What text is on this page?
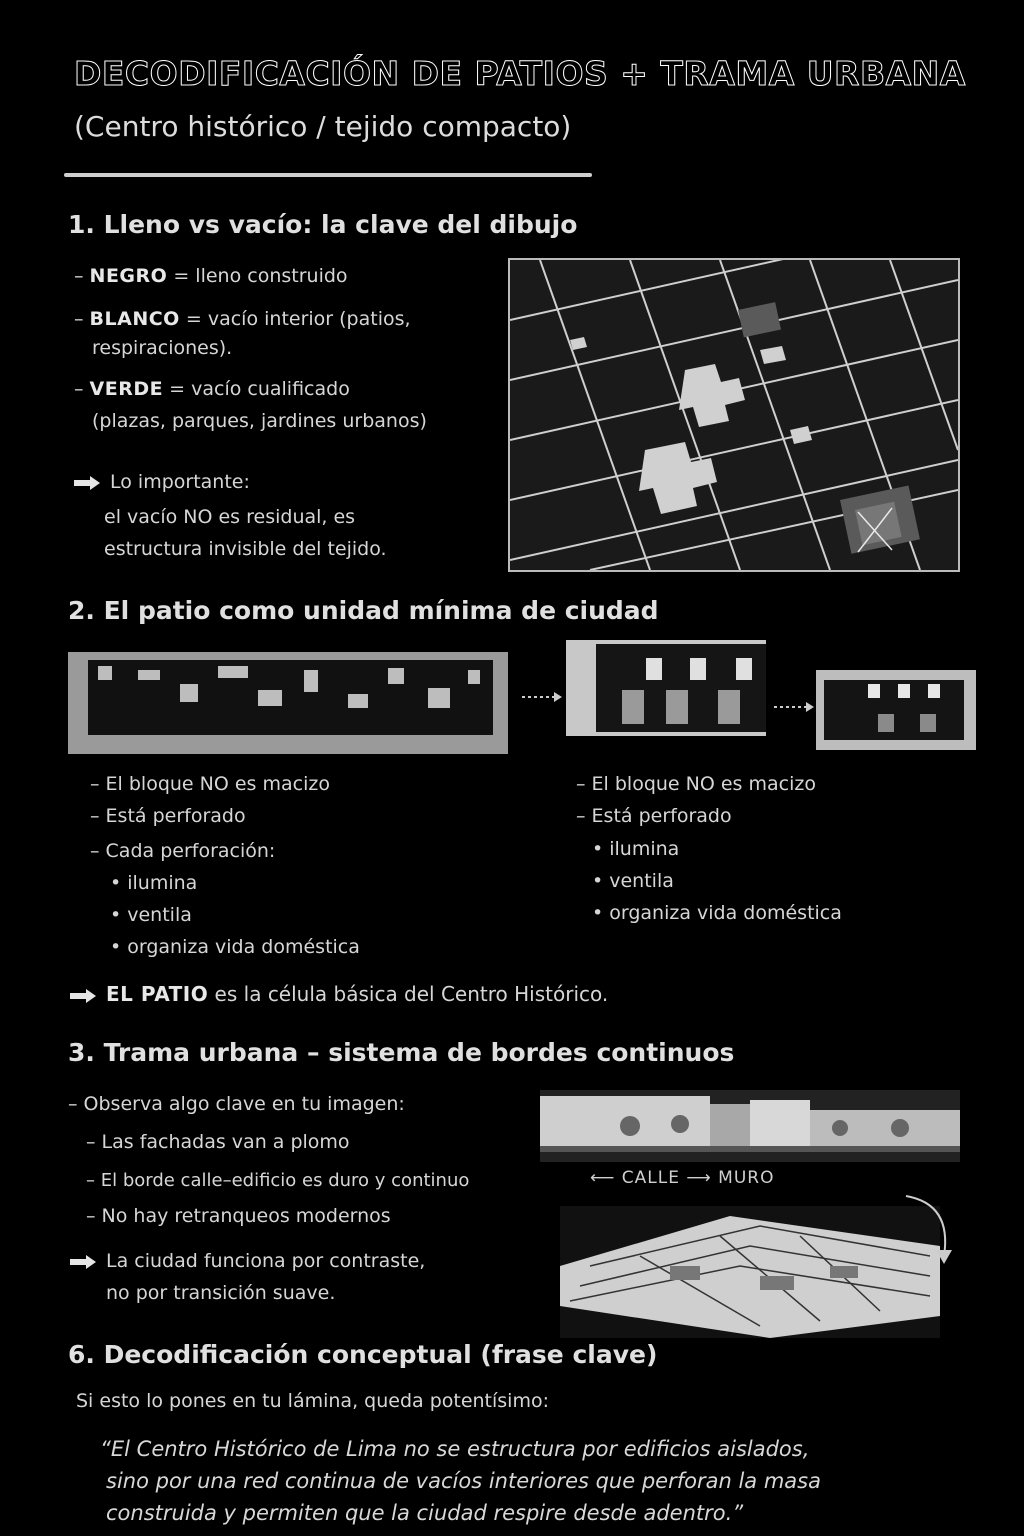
DECODIFICACIÓN DE PATIOS + TRAMA URBANA
(Centro histórico / tejido compacto)
1. Lleno vs vacío: la clave del dibujo
– NEGRO = lleno construido
– BLANCO = vacío interior (patios,
respiraciones).
– VERDE = vacío cualificado
(plazas, parques, jardines urbanos)
Lo importante:
el vacío NO es residual, es
estructura invisible del tejido.
2. El patio como unidad mínima de ciudad
– El bloque NO es macizo
– Está perforado
– Cada perforación:
• ilumina
• ventila
• organiza vida doméstica
– El bloque NO es macizo
– Está perforado
• ilumina
• ventila
• organiza vida doméstica
EL PATIO es la célula básica del Centro Histórico.
3. Trama urbana – sistema de bordes continuos
– Observa algo clave en tu imagen:
– Las fachadas van a plomo
– El borde calle–edificio es duro y continuo
– No hay retranqueos modernos
La ciudad funciona por contraste,
no por transición suave.
⟵ CALLE ⟶ MURO
6. Decodificación conceptual (frase clave)
Si esto lo pones en tu lámina, queda potentísimo:
“El Centro Histórico de Lima no se estructura por edificios aislados,
sino por una red continua de vacíos interiores que perforan la masa
construida y permiten que la ciudad respire desde adentro.”
